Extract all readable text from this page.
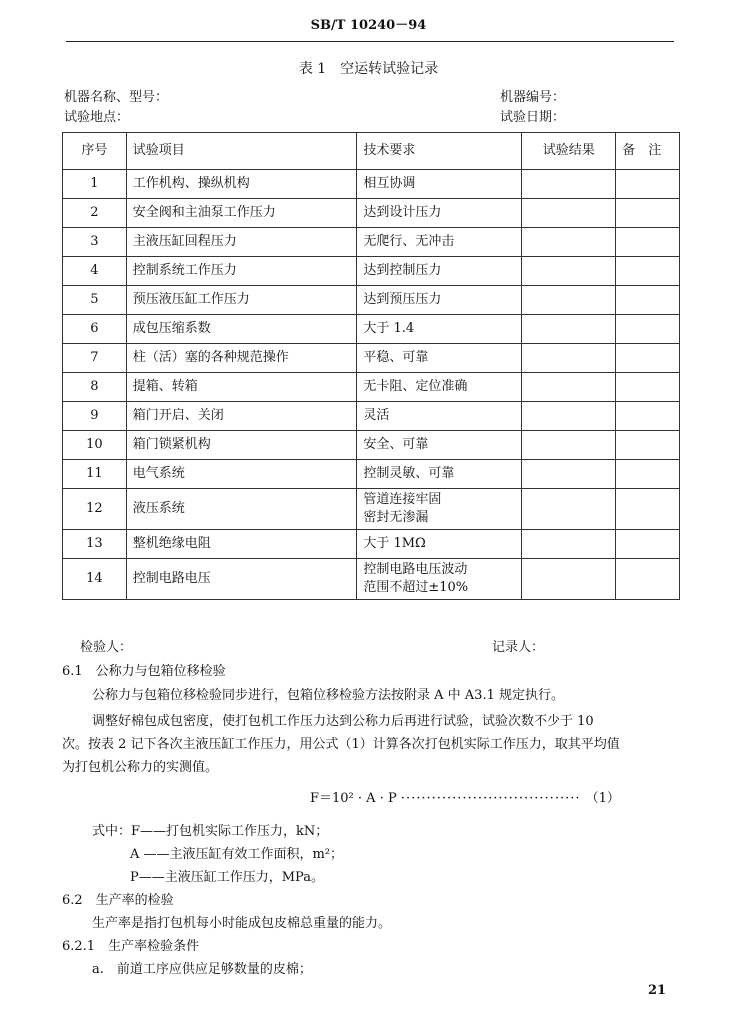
SB/T 10240－94
表 1　空运转试验记录
机器名称、型号：	机器编号：
试验地点：	试验日期：
序号	试验项目	技术要求	试验结果	备　注
1	工作机构、操纵机构	相互协调		
2	安全阀和主油泵工作压力	达到设计压力		
3	主液压缸回程压力	无爬行、无冲击		
4	控制系统工作压力	达到控制压力		
5	预压液压缸工作压力	达到预压压力		
6	成包压缩系数	大于 1.4		
7	柱（活）塞的各种规范操作	平稳、可靠		
8	提箱、转箱	无卡阻、定位准确		
9	箱门开启、关闭	灵活		
10	箱门锁紧机构	安全、可靠		
11	电气系统	控制灵敏、可靠		
12	液压系统	管道连接牢固
密封无渗漏		

13	整机绝缘电阻	大于 1MΩ		
14	控制电路电压	控制电路电压波动
范围不超过±10%		

检验人：	记录人：
6.1　公称力与包箱位移检验
公称力与包箱位移检验同步进行，包箱位移检验方法按附录 A 中 A3.1 规定执行。
调整好棉包成包密度，使打包机工作压力达到公称力后再进行试验，试验次数不少于 10
次。按表 2 记下各次主液压缸工作压力，用公式（1）计算各次打包机实际工作压力，取其平均值
为打包机公称力的实测值。
F＝10² · A · P ··································· （1）
式中：F——打包机实际工作压力，kN；
A ——主液压缸有效工作面积，m²；
P——主液压缸工作压力，MPa。
6.2　生产率的检验
生产率是指打包机每小时能成包皮棉总重量的能力。
6.2.1　生产率检验条件
a.　前道工序应供应足够数量的皮棉；
21
